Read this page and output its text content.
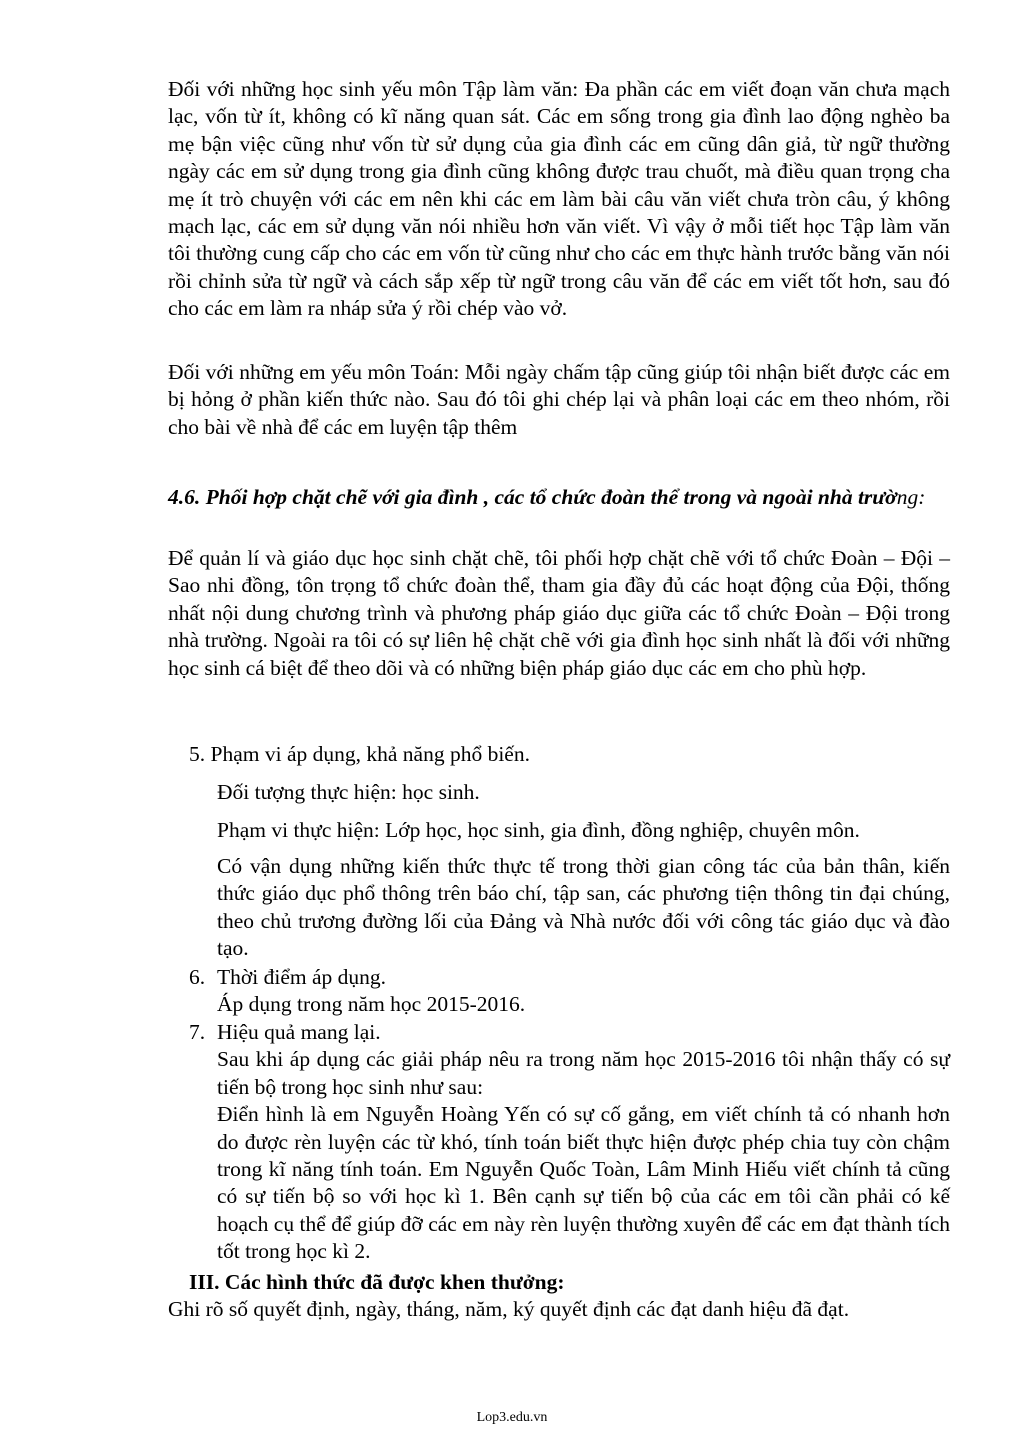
Đối với những học sinh yếu môn Tập làm văn: Đa phần các em viết đoạn văn chưa mạch lạc, vốn từ ít, không có kĩ năng quan sát. Các em sống trong gia đình lao động nghèo ba mẹ bận việc cũng như vốn từ sử dụng của gia đình các em cũng dân giả, từ ngữ thường ngày các em sử dụng trong gia đình cũng không được trau chuốt, mà điều quan trọng cha mẹ ít trò chuyện với các em nên khi các em làm bài câu văn viết chưa tròn câu, ý không mạch lạc, các em sử dụng văn nói nhiều hơn văn viết. Vì vậy ở mỗi tiết học Tập làm văn tôi thường cung cấp cho các em vốn từ cũng như cho các em thực hành trước bằng văn nói rồi chỉnh sửa từ ngữ và cách sắp xếp từ ngữ trong câu văn để các em viết tốt hơn, sau đó cho các em làm ra nháp sửa ý rồi chép vào vở.

Đối với những em yếu môn Toán: Mỗi ngày chấm tập cũng giúp tôi nhận biết được các em bị hỏng ở phần kiến thức nào. Sau đó tôi ghi chép lại và phân loại các em theo nhóm, rồi cho bài về nhà để các em luyện tập thêm

4.6. Phối hợp chặt chẽ với gia đình , các tổ chức đoàn thể trong và ngoài nhà trường:

Để quản lí và giáo dục học sinh chặt chẽ, tôi phối hợp chặt chẽ với tổ chức Đoàn – Đội – Sao nhi đồng, tôn trọng tổ chức đoàn thể, tham gia đầy đủ các hoạt động của Đội, thống nhất nội dung chương trình và phương pháp giáo dục giữa các tổ chức Đoàn – Đội trong nhà trường. Ngoài ra tôi có sự liên hệ chặt chẽ với gia đình học sinh nhất là đối với những học sinh cá biệt để theo dõi và có những biện pháp giáo dục các em cho phù hợp.

5. Phạm vi áp dụng, khả năng phổ biến.

Đối tượng thực hiện: học sinh.

Phạm vi thực hiện: Lớp học, học sinh, gia đình, đồng nghiệp, chuyên môn.

Có vận dụng những kiến thức thực tế trong thời gian công tác của bản thân, kiến thức giáo dục phổ thông trên báo chí, tập san, các phương tiện thông tin đại chúng, theo chủ trương đường lối của Đảng và Nhà nước đối với công tác giáo dục và đào tạo.

6. Thời điểm áp dụng.

Áp dụng trong năm học 2015-2016.

7. Hiệu quả mang lại.

Sau khi áp dụng các giải pháp nêu ra trong năm học 2015-2016 tôi nhận thấy có sự tiến bộ trong học sinh như sau:

Điển hình là em Nguyễn Hoàng Yến có sự cố gắng, em viết chính tả có nhanh hơn do được rèn luyện các từ khó, tính toán biết thực hiện được phép chia tuy còn chậm trong kĩ năng tính toán. Em Nguyễn Quốc Toàn, Lâm Minh Hiếu viết chính tả cũng có sự tiến bộ so với học kì 1. Bên cạnh sự tiến bộ của các em tôi cần phải có kế hoạch cụ thể để giúp đỡ các em này rèn luyện thường xuyên để các em đạt thành tích tốt trong học kì 2.

III. Các hình thức đã được khen thưởng:

Ghi rõ số quyết định, ngày, tháng, năm, ký quyết định các đạt danh hiệu đã đạt.

Lop3.edu.vn
